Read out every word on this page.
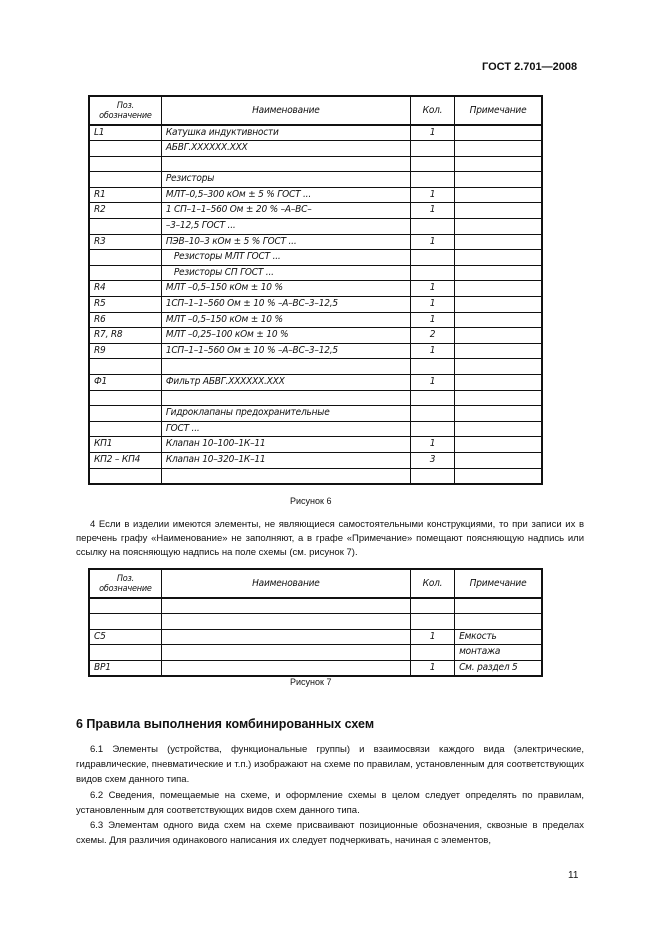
ГОСТ 2.701—2008
Поз.
обозначение	Наименование	Кол.	Примечание
L1	Катушка индуктивности	1	
	АБВГ.XXXXXX.XXX		

	Резисторы		
R1	МЛТ–0,5–300 кОм ± 5 % ГОСТ ...	1	
R2	1 СП–1–1–560 Ом ± 20 % –А–ВС–	1	
	–3–12,5 ГОСТ ...		
R3	ПЭВ–10–3 кОм ± 5 % ГОСТ ...	1	
	Резисторы МЛТ ГОСТ ...		
	Резисторы СП ГОСТ ...		
R4	МЛТ –0,5–150 кОм ± 10 %	1	
R5	1СП–1–1–560 Ом ± 10 % –А–ВС–3–12,5	1	
R6	МЛТ –0,5–150 кОм ± 10 %	1	
R7, R8	МЛТ –0,25–100 кОм ± 10 %	2	
R9	1СП–1–1–560 Ом ± 10 % –А–ВС–3–12,5	1	

Ф1	Фильтр АБВГ.XXXXXX.XXX	1	

	Гидроклапаны предохранительные		
	ГОСТ ...		
КП1	Клапан 10–100–1К–11	1	
КП2 – КП4	Клапан 10–320–1К–11	3	

Рисунок 6
4 Если в изделии имеются элементы, не являющиеся самостоятельными конструкциями, то при записи их в перечень графу «Наименование» не заполняют, а в графе «Примечание» помещают поясняющую надпись или ссылку на поясняющую надпись на поле схемы (см. рисунок 7).
Поз.
обозначение	Наименование	Кол.	Примечание

C5		1	Емкость
			монтажа
ВР1		1	См. раздел 5
Рисунок 7
6 Правила выполнения комбинированных схем
6.1 Элементы (устройства, функциональные группы) и взаимосвязи каждого вида (электрические, гидравлические, пневматические и т.п.) изображают на схеме по правилам, установленным для соответствующих видов схем данного типа.
6.2 Сведения, помещаемые на схеме, и оформление схемы в целом следует определять по правилам, установленным для соответствующих видов схем данного типа.
6.3 Элементам одного вида схем на схеме присваивают позиционные обозначения, сквозные в пределах схемы. Для различия одинакового написания их следует подчеркивать, начиная с элементов,
11
